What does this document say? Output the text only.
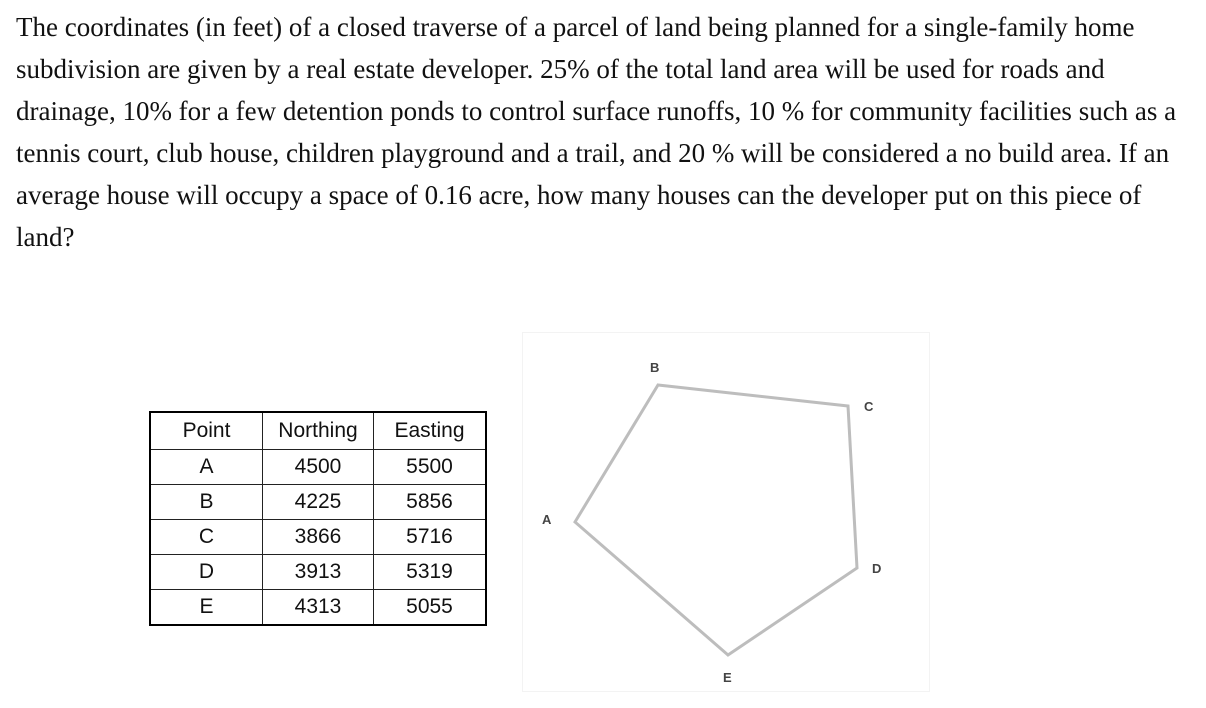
The coordinates (in feet) of a closed traverse of a parcel of land being planned for a single-family home subdivision are given by a real estate developer. 25% of the total land area will be used for roads and drainage, 10% for a few detention ponds to control surface runoffs, 10 % for community facilities such as a tennis court, club house, children playground and a trail, and 20 % will be considered a no build area. If an average house will occupy a space of 0.16 acre, how many houses can the developer put on this piece of land?

Point	Northing	Easting
A	4500	5500
B	4225	5856
C	3866	5716
D	3913	5319
E	4313	5055
A
B
C
D
E
